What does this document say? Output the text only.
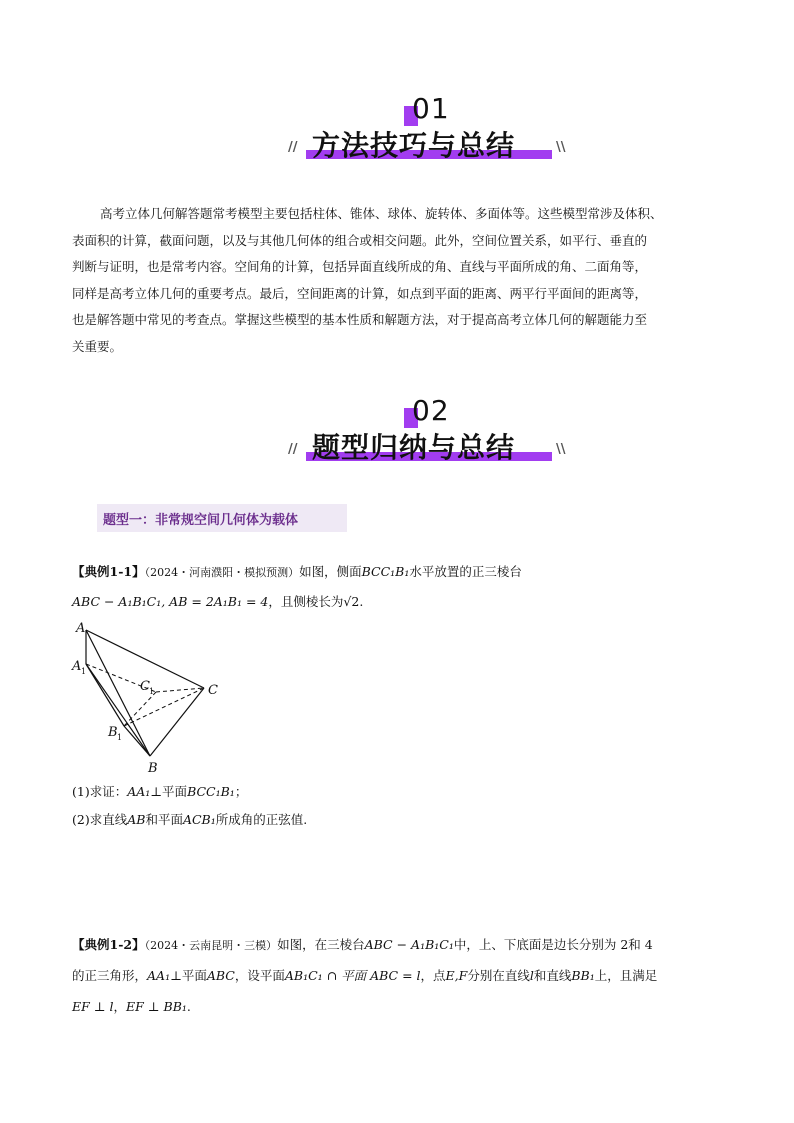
01
方法技巧与总结
//	\\

高考立体几何解答题常考模型主要包括柱体、锥体、球体、旋转体、多面体等。这些模型常涉及体积、

表面积的计算，截面问题，以及与其他几何体的组合或相交问题。此外，空间位置关系，如平行、垂直的

判断与证明，也是常考内容。空间角的计算，包括异面直线所成的角、直线与平面所成的角、二面角等，

同样是高考立体几何的重要考点。最后，空间距离的计算，如点到平面的距离、两平行平面间的距离等，

也是解答题中常见的考查点。掌握这些模型的基本性质和解题方法，对于提高高考立体几何的解题能力至

关重要。

02
题型归纳与总结
//	\\
题型一：非常规空间几何体为载体
【典例1-1】（2024・河南濮阳・模拟预测）如图，侧面BCC₁B₁水平放置的正三棱台
ABC − A₁B₁C₁, AB = 2A₁B₁ = 4，且侧棱长为√2.
A
A 1
C 1	C
B 1
B
(1)求证：AA₁⊥平面BCC₁B₁；
(2)求直线AB和平面ACB₁所成角的正弦值.
【典例1-2】（2024・云南昆明・三模）如图，在三棱台ABC − A₁B₁C₁中，上、下底面是边长分别为 2和 4
的正三角形，AA₁⊥平面ABC，设平面AB₁C₁ ∩ 平面 ABC = l，点E,F分别在直线l和直线BB₁上，且满足
EF ⊥ l，EF ⊥ BB₁.
